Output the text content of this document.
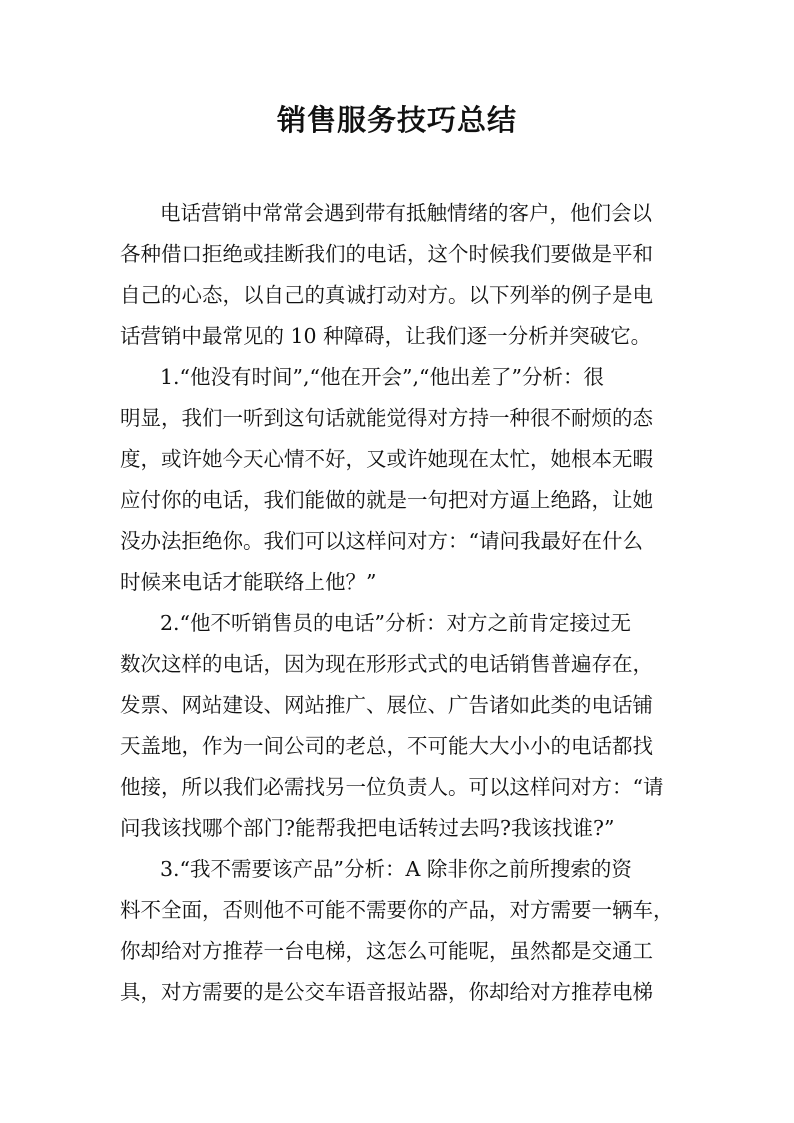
销售服务技巧总结

电话营销中常常会遇到带有抵触情绪的客户，他们会以

各种借口拒绝或挂断我们的电话，这个时候我们要做是平和

自己的心态，以自己的真诚打动对方。以下列举的例子是电

话营销中最常见的 10 种障碍，让我们逐一分析并突破它。

1.“他没有时间”,“他在开会”,“他出差了”分析：很

明显，我们一听到这句话就能觉得对方持一种很不耐烦的态

度，或许她今天心情不好，又或许她现在太忙，她根本无暇

应付你的电话，我们能做的就是一句把对方逼上绝路，让她

没办法拒绝你。我们可以这样问对方：“请问我最好在什么

时候来电话才能联络上他？”

2.“他不听销售员的电话”分析：对方之前肯定接过无

数次这样的电话，因为现在形形式式的电话销售普遍存在，

发票、网站建设、网站推广、展位、广告诸如此类的电话铺

天盖地，作为一间公司的老总，不可能大大小小的电话都找

他接，所以我们必需找另一位负责人。可以这样问对方：“请

问我该找哪个部门?能帮我把电话转过去吗?我该找谁?”

3.“我不需要该产品”分析：A 除非你之前所搜索的资

料不全面，否则他不可能不需要你的产品，对方需要一辆车，

你却给对方推荐一台电梯，这怎么可能呢，虽然都是交通工

具，对方需要的是公交车语音报站器，你却给对方推荐电梯
